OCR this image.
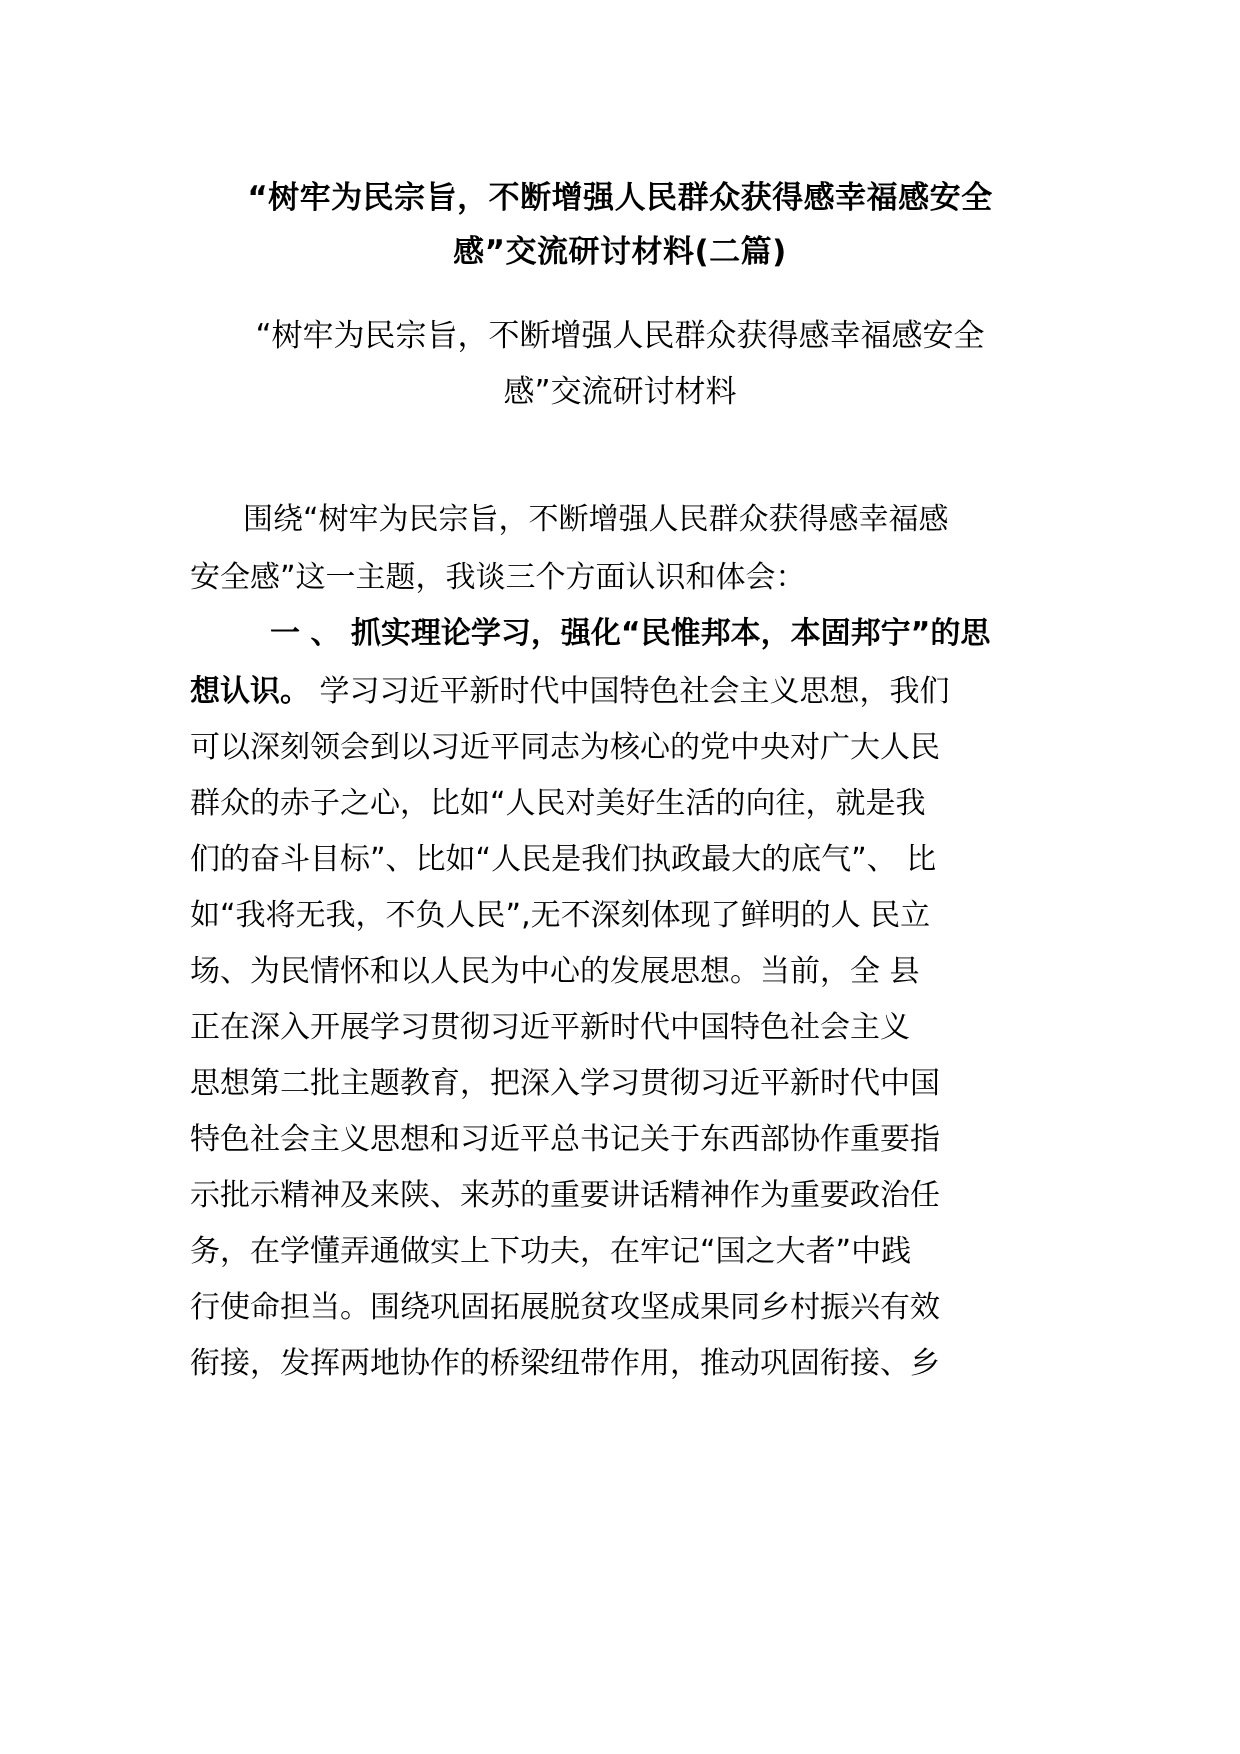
“树牢为民宗旨，不断增强人民群众获得感幸福感安全
感”交流研讨材料(二篇)
“树牢为民宗旨，不断增强人民群众获得感幸福感安全
感”交流研讨材料
围绕“树牢为民宗旨，不断增强人民群众获得感幸福感
安全感”这一主题，我谈三个方面认识和体会：
一 、 抓实理论学习，强化“民惟邦本，本固邦宁”的思
想认识。 学习习近平新时代中国特色社会主义思想，我们
可以深刻领会到以习近平同志为核心的党中央对广大人民
群众的赤子之心，比如“人民对美好生活的向往，就是我
们的奋斗目标”、比如“人民是我们执政最大的底气”、 比
如“我将无我，不负人民”,无不深刻体现了鲜明的人 民立
场、为民情怀和以人民为中心的发展思想。当前，全 县
正在深入开展学习贯彻习近平新时代中国特色社会主义
思想第二批主题教育，把深入学习贯彻习近平新时代中国
特色社会主义思想和习近平总书记关于东西部协作重要指
示批示精神及来陕、来苏的重要讲话精神作为重要政治任
务，在学懂弄通做实上下功夫，在牢记“国之大者”中践
行使命担当。围绕巩固拓展脱贫攻坚成果同乡村振兴有效
衔接，发挥两地协作的桥梁纽带作用，推动巩固衔接、乡
